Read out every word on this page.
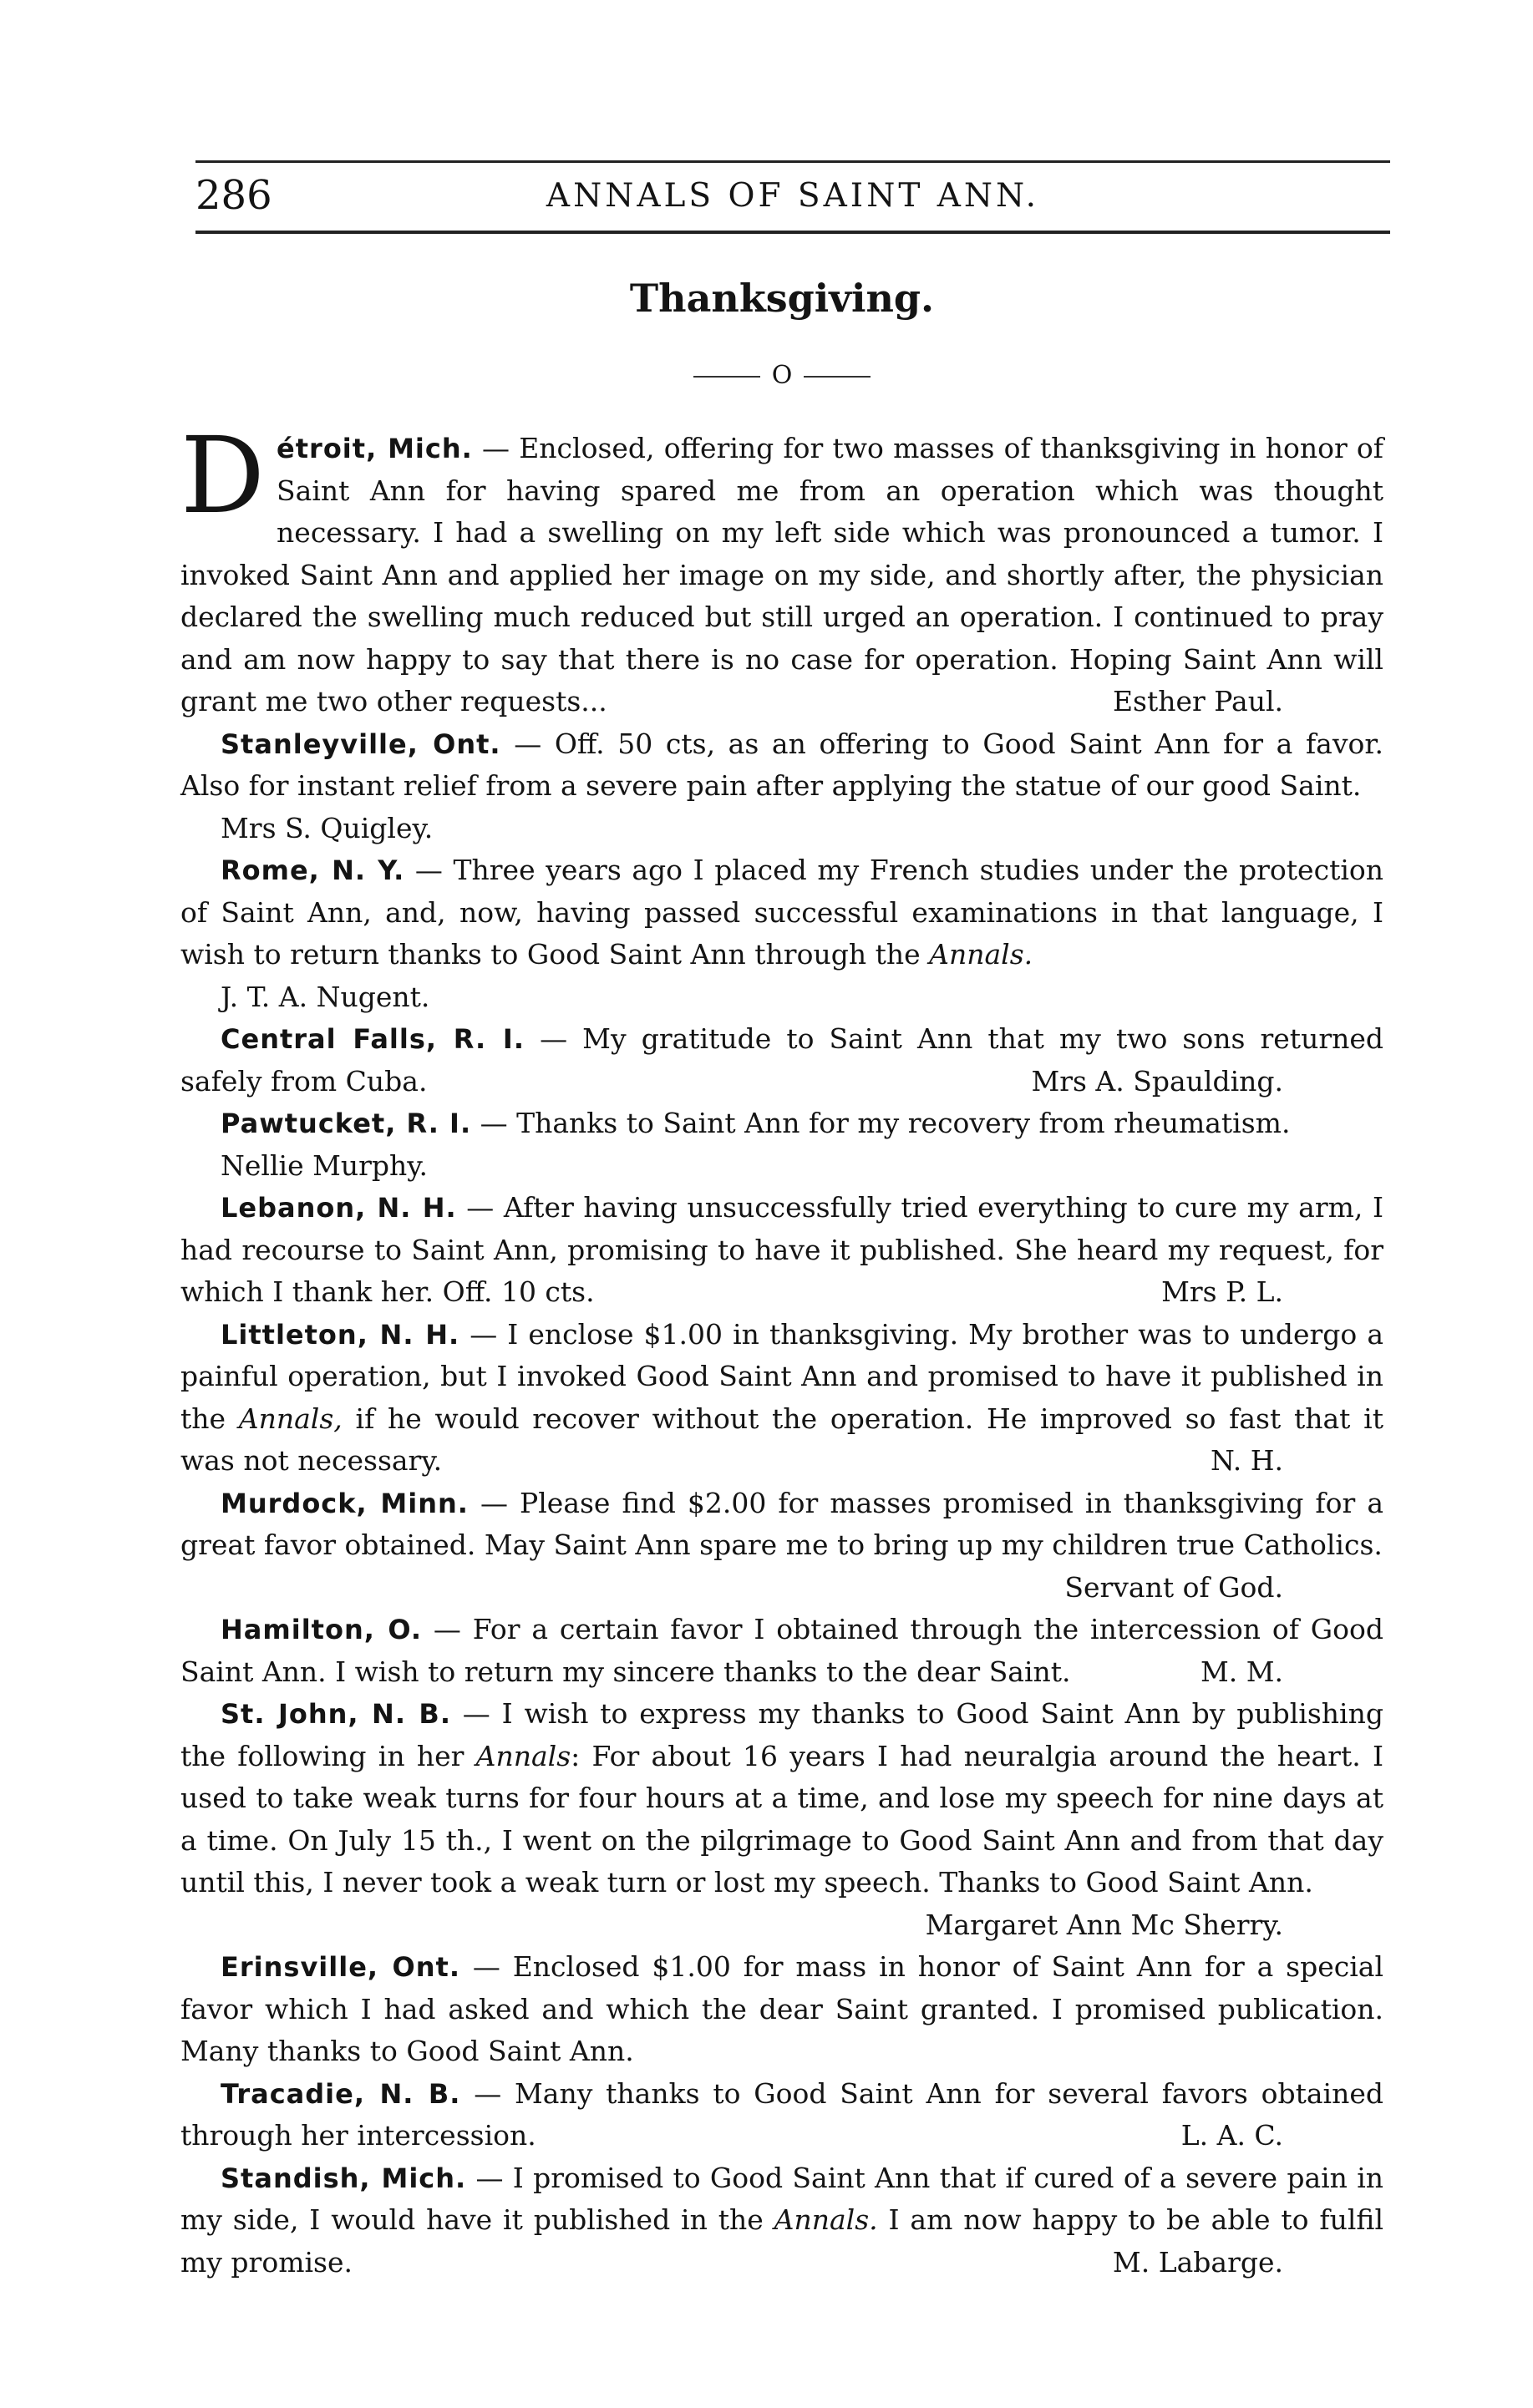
286	ANNALS OF SAINT ANN.
Thanksgiving.
O

D étroit, Mich. — Enclosed, offering for two masses of thanksgiving in honor of Saint Ann for having spared me from an operation which was thought necessary. I had a swelling on my left side which was pronounced a tumor. I invoked Saint Ann and applied her image on my side, and shortly after, the physician declared the swelling much reduced but still urged an operation. I continued to pray and am now happy to say that there is no case for operation. Hoping Saint Ann will grant me two other requests...	Esther Paul.

Stanleyville, Ont. — Off. 50 cts, as an offering to Good Saint Ann for a favor. Also for instant relief from a severe pain after applying the statue of our good Saint.

Mrs S. Quigley.

Rome, N. Y. — Three years ago I placed my French studies under the protection of Saint Ann, and, now, having passed successful examinations in that language, I wish to return thanks to Good Saint Ann through the Annals.

J. T. A. Nugent.

Central Falls, R. I. — My gratitude to Saint Ann that my two sons returned safely from Cuba.	Mrs A. Spaulding.

Pawtucket, R. I. — Thanks to Saint Ann for my recovery from rheumatism.

Nellie Murphy.

Lebanon, N. H. — After having unsuccessfully tried everything to cure my arm, I had recourse to Saint Ann, promising to have it published. She heard my request, for which I thank her. Off. 10 cts.	Mrs P. L.

Littleton, N. H. — I enclose $1.00 in thanksgiving. My brother was to undergo a painful operation, but I invoked Good Saint Ann and promised to have it published in the Annals, if he would recover without the operation. He improved so fast that it was not necessary.	N. H.

Murdock, Minn. — Please find $2.00 for masses promised in thanksgiving for a great favor obtained. May Saint Ann spare me to bring up my children true Catholics.
Servant of God.

Hamilton, O. — For a certain favor I obtained through the intercession of Good Saint Ann. I wish to return my sincere thanks to the dear Saint.	M. M.

St. John, N. B. — I wish to express my thanks to Good Saint Ann by publishing the following in her Annals: For about 16 years I had neuralgia around the heart. I used to take weak turns for four hours at a time, and lose my speech for nine days at a time. On July 15 th., I went on the pilgrimage to Good Saint Ann and from that day until this, I never took a weak turn or lost my speech. Thanks to Good Saint Ann.
Margaret Ann Mc Sherry.

Erinsville, Ont. — Enclosed $1.00 for mass in honor of Saint Ann for a special favor which I had asked and which the dear Saint granted. I promised publication. Many thanks to Good Saint Ann.

Tracadie, N. B. — Many thanks to Good Saint Ann for several favors obtained through her intercession.	L. A. C.

Standish, Mich. — I promised to Good Saint Ann that if cured of a severe pain in my side, I would have it published in the Annals. I am now happy to be able to fulfil my promise.	M. Labarge.
